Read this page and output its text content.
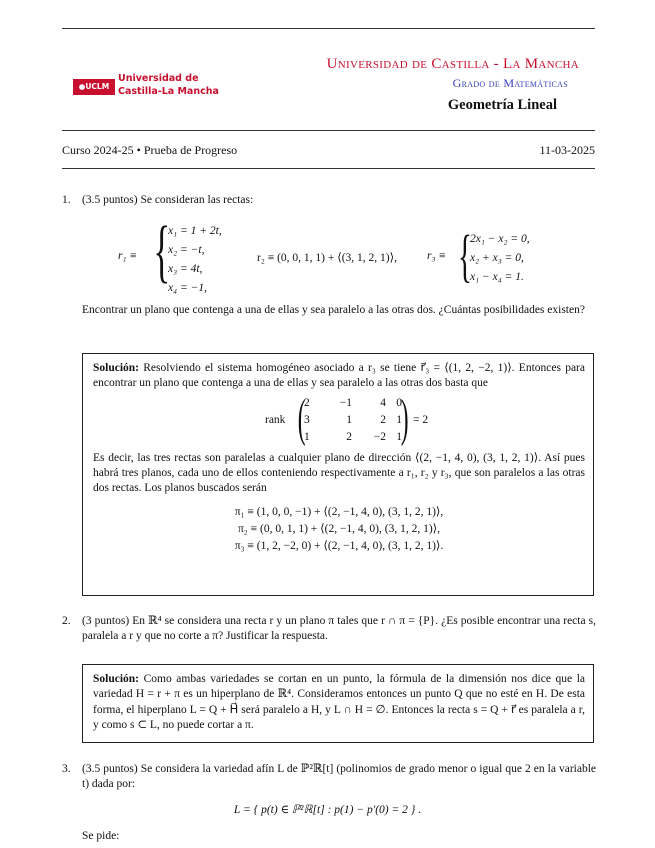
●UCLM
Universidad de
Castilla-La Mancha
Universidad de Castilla - La Mancha
Grado de Matemáticas
Geometría Lineal
Curso 2024-25 • Prueba de Progreso	11-03-2025
1. (3.5 puntos) Se consideran las rectas:
r₁ ≡ {
x₁ = 1 + 2t,
x₂ = −t,
x₃ = 4t,
x₄ = −1,
r₂ ≡ (0, 0, 1, 1) + ⟨(3, 1, 2, 1)⟩,	r₃ ≡ {
2x₁ − x₂ = 0,
x₂ + x₃ = 0,
x₁ − x₄ = 1.
Encontrar un plano que contenga a una de ellas y sea paralelo a las otras dos. ¿Cuántas posibilidades existen?
Solución: Resolviendo el sistema homogéneo asociado a r₃ se tiene r⃗₃ = ⟨(1, 2, −2, 1)⟩. Entonces para encontrar un plano que contenga a una de ellas y sea paralelo a las otras dos basta que
rank (
2	−1	4	0
3	1	2	1
1	2	−2	1
) = 2
Es decir, las tres rectas son paralelas a cualquier plano de dirección ⟨(2, −1, 4, 0), (3, 1, 2, 1)⟩. Así pues habrá tres planos, cada uno de ellos conteniendo respectivamente a r₁, r₂ y r₃, que son paralelos a las otras dos rectas. Los planos buscados serán
π₁ ≡ (1, 0, 0, −1) + ⟨(2, −1, 4, 0), (3, 1, 2, 1)⟩,
π₂ ≡ (0, 0, 1, 1) + ⟨(2, −1, 4, 0), (3, 1, 2, 1)⟩,
π₃ ≡ (1, 2, −2, 0) + ⟨(2, −1, 4, 0), (3, 1, 2, 1)⟩.
2. (3 puntos) En ℝ⁴ se considera una recta r y un plano π tales que r ∩ π = {P}. ¿Es posible encontrar una recta s, paralela a r y que no corte a π? Justificar la respuesta.
Solución: Como ambas variedades se cortan en un punto, la fórmula de la dimensión nos dice que la variedad H = r + π es un hiperplano de ℝ⁴. Consideramos entonces un punto Q que no esté en H. De esta forma, el hiperplano L = Q + H⃗ será paralelo a H, y L ∩ H = ∅. Entonces la recta s = Q + r⃗ es paralela a r, y como s ⊂ L, no puede cortar a π.
3. (3.5 puntos) Se considera la variedad afín L de ℙ²ℝ[t] (polinomios de grado menor o igual que 2 en la variable t) dada por:
L = { p(t) ∈ ℙ²ℝ[t] : p(1) − p′(0) = 2 } .
Se pide:
